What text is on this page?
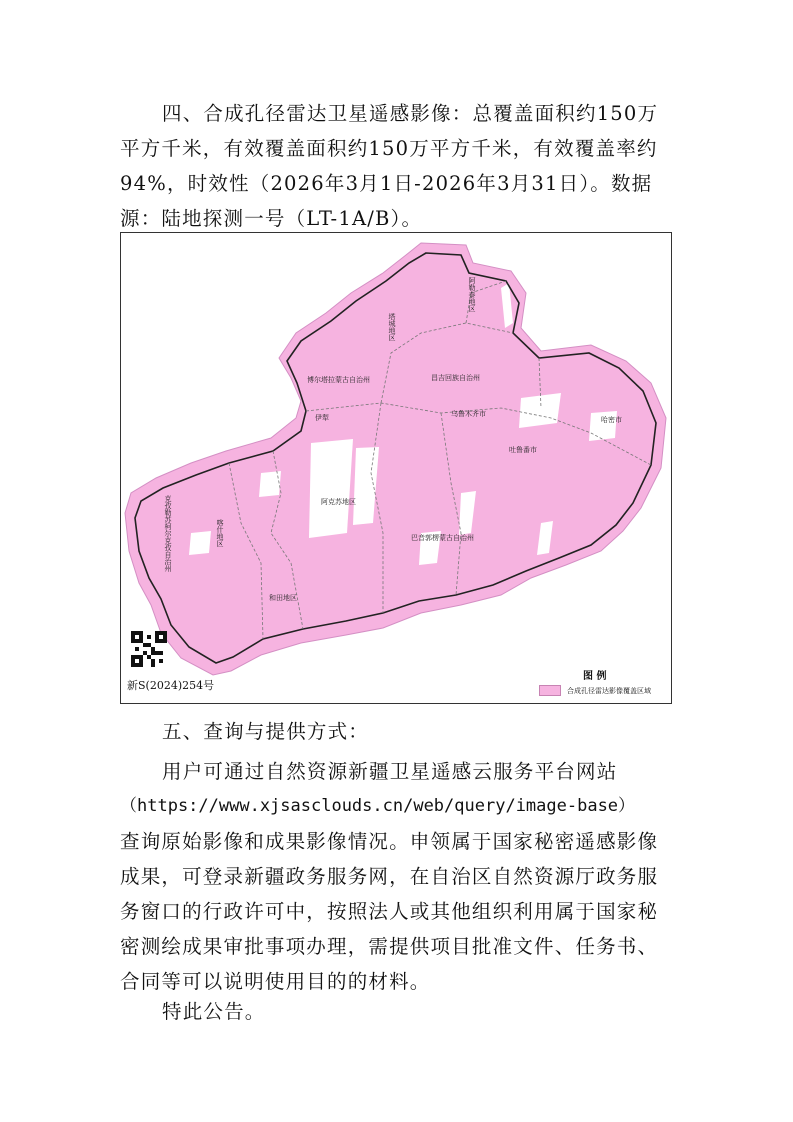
四、合成孔径雷达卫星遥感影像：总覆盖面积约150万
平方千米，有效覆盖面积约150万平方千米，有效覆盖率约
94%，时效性（2026年3月1日-2026年3月31日）。数据
源：陆地探测一号（LT-1A/B）。
阿勒泰地区
塔城地区
博尔塔拉蒙古自治州
伊犁
昌吉回族自治州
乌鲁木齐市
哈密市
吐鲁番市
阿克苏地区
巴音郭楞蒙古自治州
克孜勒苏柯尔克孜自治州	喀什地区
和田地区
新S(2024)254号
图 例
合成孔径雷达影像覆盖区域
五、查询与提供方式：
用户可通过自然资源新疆卫星遥感云服务平台网站
（https://www.xjsasclouds.cn/web/query/image-base）
查询原始影像和成果影像情况。申领属于国家秘密遥感影像
成果，可登录新疆政务服务网，在自治区自然资源厅政务服
务窗口的行政许可中，按照法人或其他组织利用属于国家秘
密测绘成果审批事项办理，需提供项目批准文件、任务书、
合同等可以说明使用目的的材料。
特此公告。
